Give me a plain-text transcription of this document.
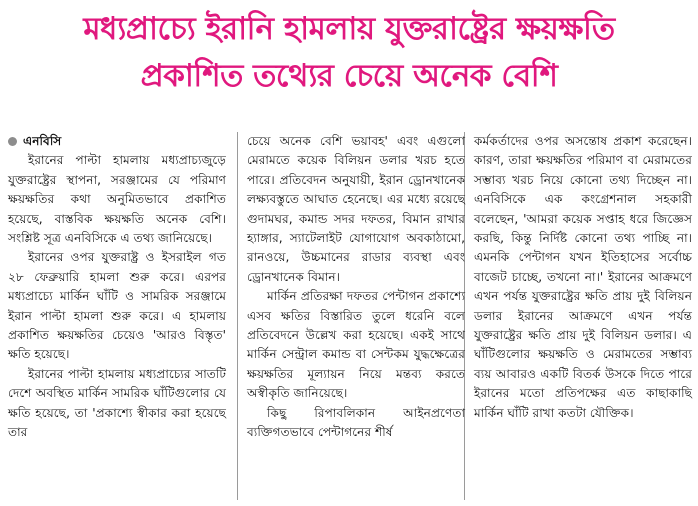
মধ্যপ্রাচ্যে ইরানি হামলায় যুক্তরাষ্ট্রের ক্ষয়ক্ষতি
প্রকাশিত তথ্যের চেয়ে অনেক বেশি
এনবিসি

ইরানের পাল্টা হামলায় মধ্যপ্রাচ্যজুড়ে যুক্তরাষ্ট্রের স্থাপনা, সরঞ্জামের যে পরিমাণ ক্ষয়ক্ষতির কথা অনুমিতভাবে প্রকাশিত হয়েছে, বাস্তবিক ক্ষয়ক্ষতি অনেক বেশি। সংশ্লিষ্ট সূত্র এনবিসিকে এ তথ্য জানিয়েছে।

ইরানের ওপর যুক্তরাষ্ট্র ও ইসরাইল গত ২৮ ফেব্রুয়ারি হামলা শুরু করে। এরপর মধ্যপ্রাচ্যে মার্কিন ঘাঁটি ও সামরিক সরঞ্জামে ইরান পাল্টা হামলা শুরু করে। এ হামলায় প্রকাশিত ক্ষয়ক্ষতির চেয়েও 'আরও বিস্তৃত' ক্ষতি হয়েছে।

ইরানের পাল্টা হামলায় মধ্যপ্রাচ্যের সাতটি দেশে অবস্থিত মার্কিন সামরিক ঘাঁটিগুলোর যে ক্ষতি হয়েছে, তা 'প্রকাশ্যে স্বীকার করা হয়েছে তার

চেয়ে অনেক বেশি ভয়াবহ' এবং এগুলো মেরামতে কয়েক বিলিয়ন ডলার খরচ হতে পারে। প্রতিবেদন অনুযায়ী, ইরান ড্রোনখানেক লক্ষ্যবস্তুতে আঘাত হেনেছে। এর মধ্যে রয়েছে গুদামঘর, কমান্ড সদর দফতর, বিমান রাখার হ্যাঙ্গার, স্যাটেলাইট যোগাযোগ অবকাঠামো, রানওয়ে, উচ্চমানের রাডার ব্যবস্থা এবং ড্রোনখানেক বিমান।

মার্কিন প্রতিরক্ষা দফতর পেন্টাগন প্রকাশ্যে এসব ক্ষতির বিস্তারিত তুলে ধরেনি বলে প্রতিবেদনে উল্লেখ করা হয়েছে। একই সাথে মার্কিন সেন্ট্রাল কমান্ড বা সেন্টকম যুদ্ধক্ষেত্রের ক্ষয়ক্ষতির মূল্যায়ন নিয়ে মন্তব্য করতে অস্বীকৃতি জানিয়েছে।

কিছু রিপাবলিকান আইনপ্রণেতা ব্যক্তিগতভাবে পেন্টাগনের শীর্ষ

কর্মকর্তাদের ওপর অসন্তোষ প্রকাশ করেছেন। কারণ, তারা ক্ষয়ক্ষতির পরিমাণ বা মেরামতের সম্ভাব্য খরচ নিয়ে কোনো তথ্য দিচ্ছেন না। এনবিসিকে এক কংগ্রেশনাল সহকারী বলেছেন, 'আমরা কয়েক সপ্তাহ ধরে জিজ্ঞেস করছি, কিন্তু নির্দিষ্ট কোনো তথ্য পাচ্ছি না। এমনকি পেন্টাগন যখন ইতিহাসের সর্বোচ্চ বাজেট চাচ্ছে, তখনো না।' ইরানের আক্রমণে এখন পর্যন্ত যুক্তরাষ্ট্রের ক্ষতি প্রায় দুই বিলিয়ন ডলার ইরানের আক্রমণে এখন পর্যন্ত যুক্তরাষ্ট্রের ক্ষতি প্রায় দুই বিলিয়ন ডলার। এ ঘাঁটিগুলোর ক্ষয়ক্ষতি ও মেরামতের সম্ভাব্য ব্যয় আবারও একটি বিতর্ক উসকে দিতে পারে ইরানের মতো প্রতিপক্ষের এত কাছাকাছি মার্কিন ঘাঁটি রাখা কতটা যৌক্তিক।
